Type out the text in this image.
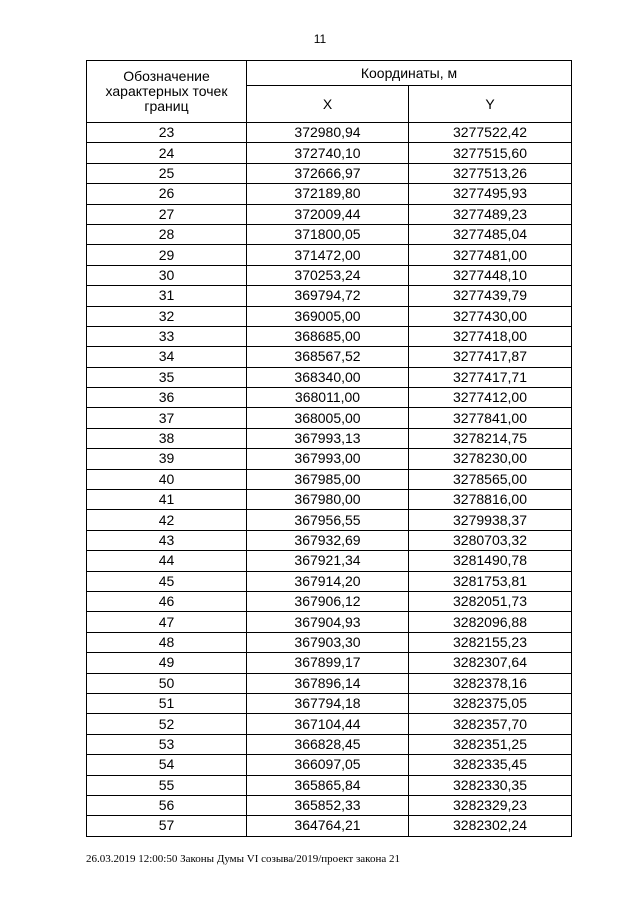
11
Обозначение характерных точек границ	Координаты, м	
	X	Y
23	372980,94	3277522,42
24	372740,10	3277515,60
25	372666,97	3277513,26
26	372189,80	3277495,93
27	372009,44	3277489,23
28	371800,05	3277485,04
29	371472,00	3277481,00
30	370253,24	3277448,10
31	369794,72	3277439,79
32	369005,00	3277430,00
33	368685,00	3277418,00
34	368567,52	3277417,87
35	368340,00	3277417,71
36	368011,00	3277412,00
37	368005,00	3277841,00
38	367993,13	3278214,75
39	367993,00	3278230,00
40	367985,00	3278565,00
41	367980,00	3278816,00
42	367956,55	3279938,37
43	367932,69	3280703,32
44	367921,34	3281490,78
45	367914,20	3281753,81
46	367906,12	3282051,73
47	367904,93	3282096,88
48	367903,30	3282155,23
49	367899,17	3282307,64
50	367896,14	3282378,16
51	367794,18	3282375,05
52	367104,44	3282357,70
53	366828,45	3282351,25
54	366097,05	3282335,45
55	365865,84	3282330,35
56	365852,33	3282329,23
57	364764,21	3282302,24
26.03.2019 12:00:50 Законы Думы VI созыва/2019/проект закона 21
